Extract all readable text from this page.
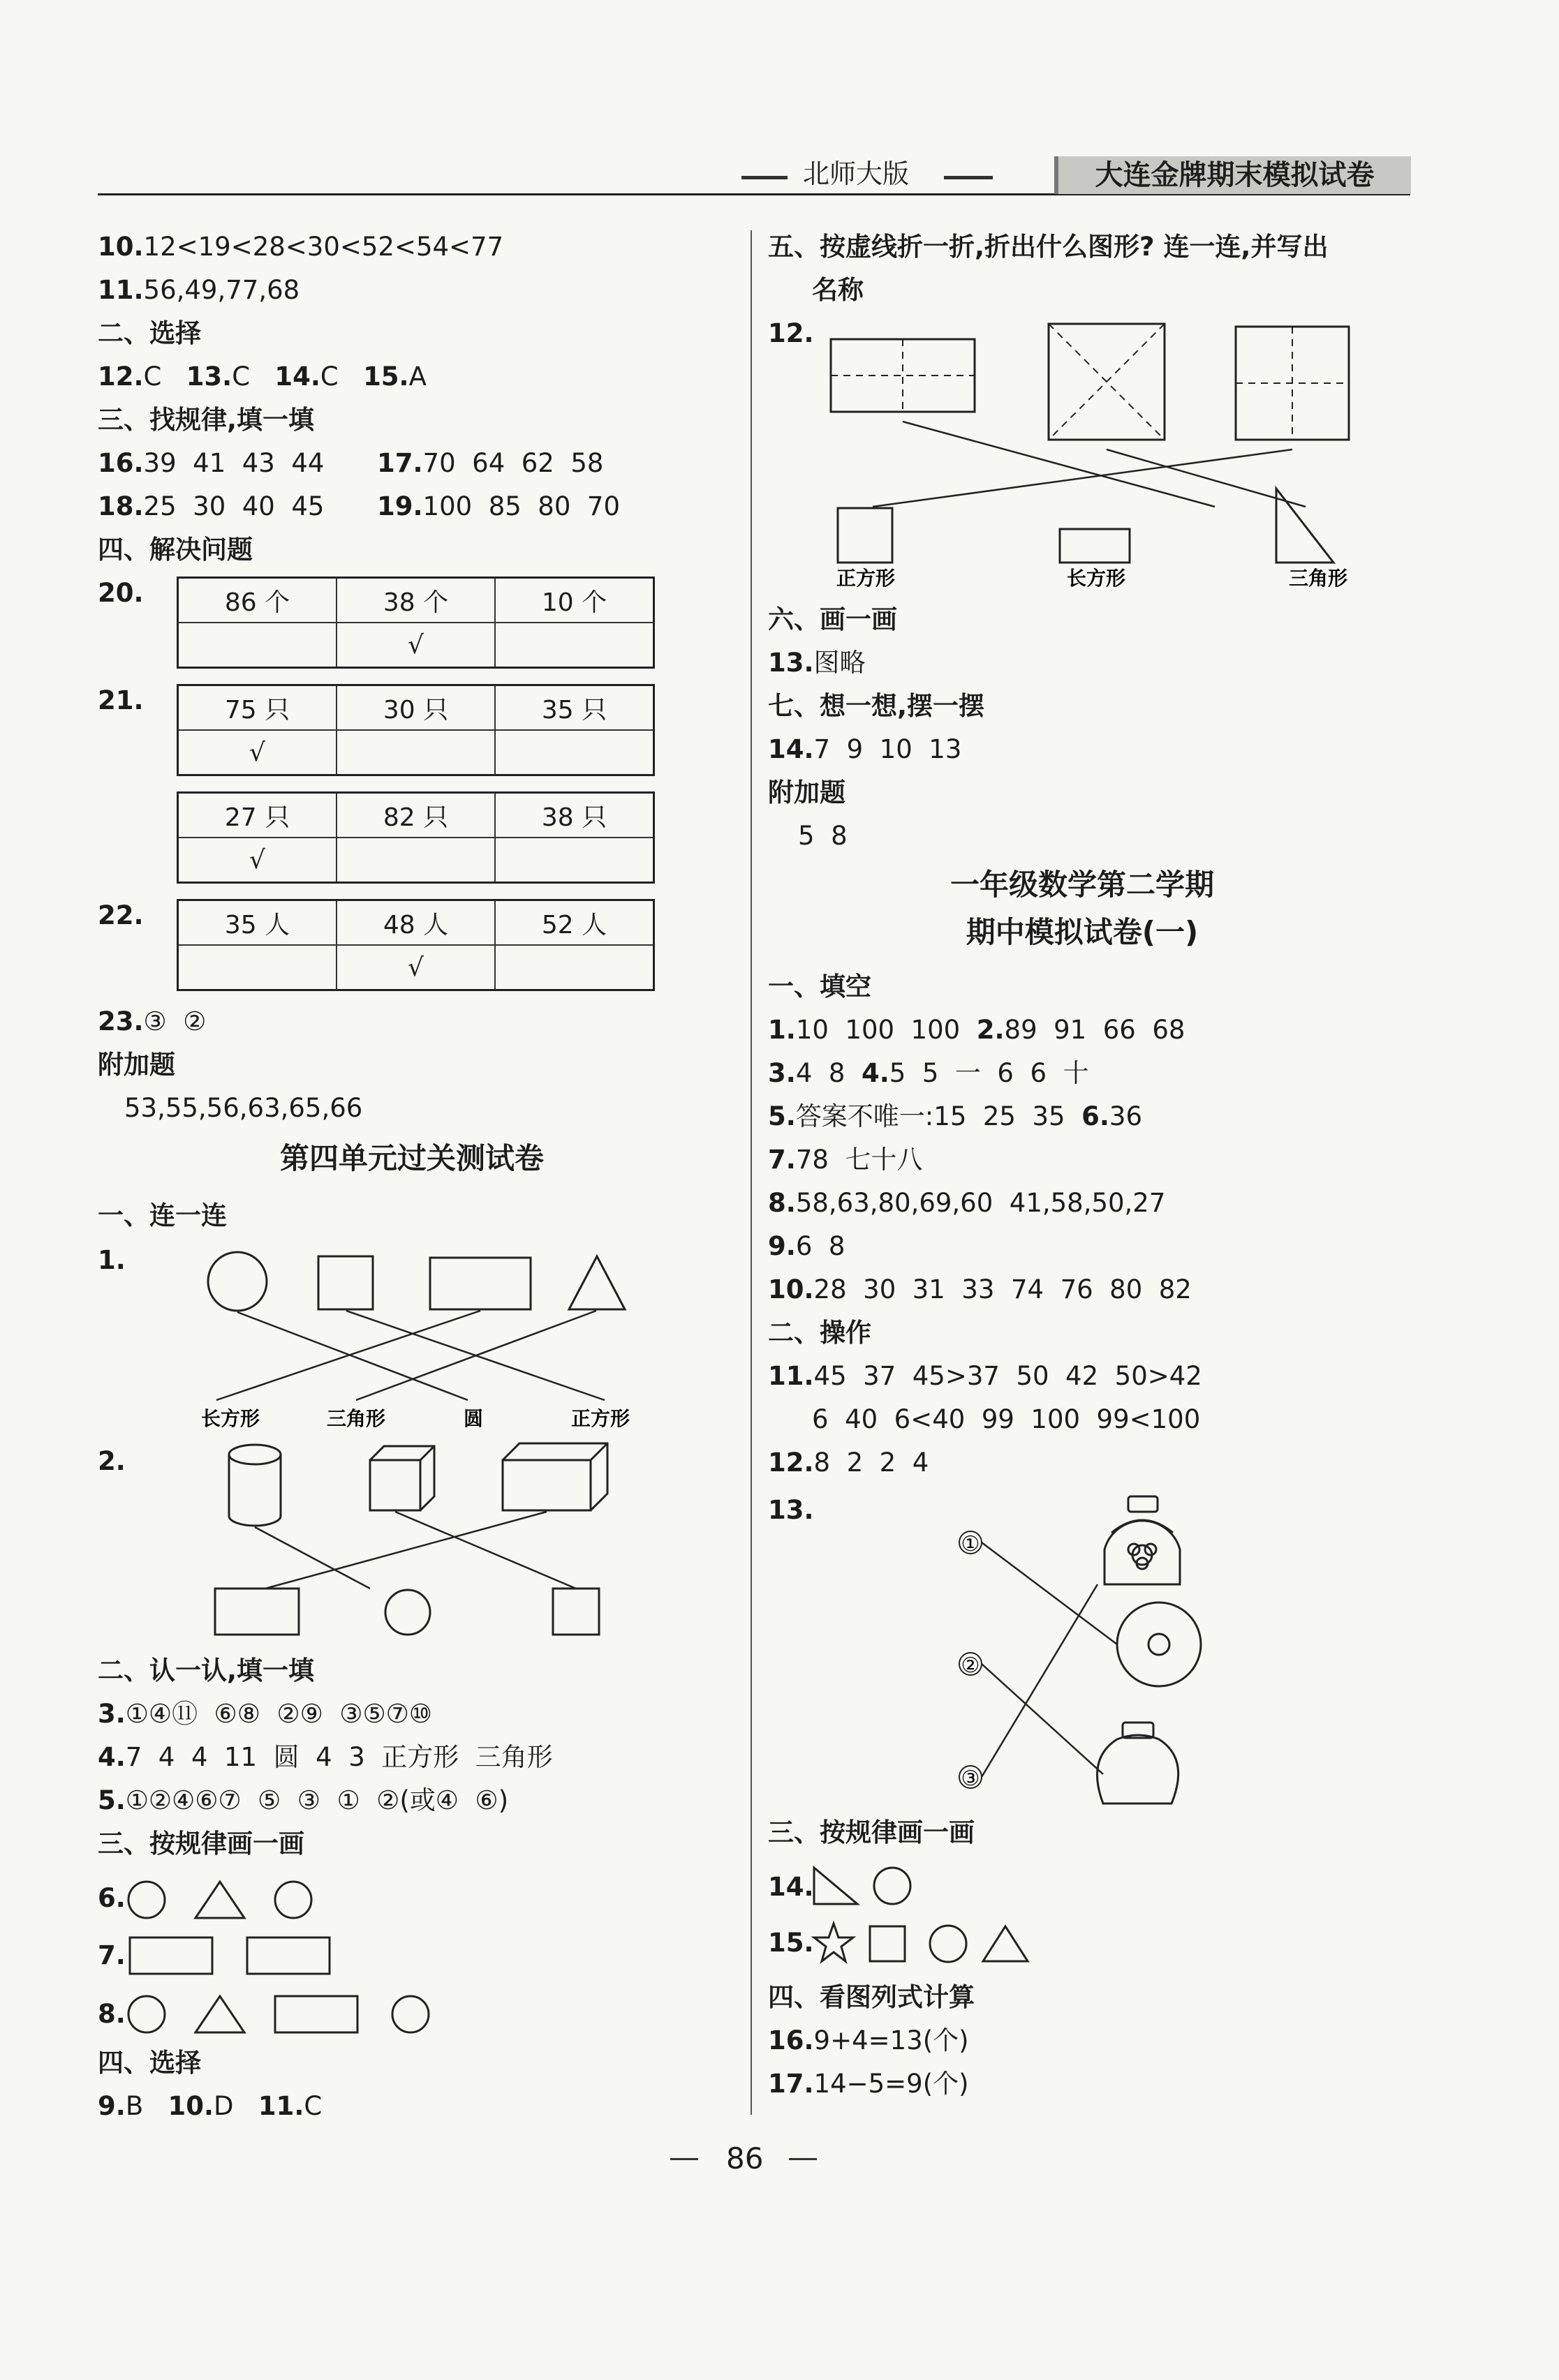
北师大版	大连金牌期末模拟试卷
10.12<19<28<30<52<54<77
11.56,49,77,68
二、选择
12.C 13.C 14.C 15.A
三、找规律,填一填
16.39  41  43  44 17.70  64  62  58
18.25  30  40  45 19.100  85  80  70
四、解决问题
20.	86 个	38 个	10 个
	√	
21.	75 只	30 只	35 只
√		
27 只	82 只	38 只
√		
22.	35 人	48 人	52 人
	√	
23.③  ②
附加题
53,55,56,63,65,66
第四单元过关测试卷
一、连一连
1.
长方形	三角形	圆	正方形
2.
二、认一认,填一填
3.①④⑪  ⑥⑧  ②⑨  ③⑤⑦⑩
4.7  4  4  11  圆  4  3  正方形  三角形
5.①②④⑥⑦  ⑤  ③  ①  ②(或④  ⑥)
三、按规律画一画
6.
7.
8.
四、选择
9.B 10.D 11.C
五、按虚线折一折,折出什么图形? 连一连,并写出
名称
12.
正方形	长方形	三角形
六、画一画
13.图略
七、想一想,摆一摆
14.7  9  10  13
附加题
5  8
一年级数学第二学期
期中模拟试卷(一)
一、填空
1.10  100  100 2.89  91  66  68
3.4  8 4.5  5  一  6  6  十
5.答案不唯一:15  25  35 6.36
7.78  七十八
8.58,63,80,69,60  41,58,50,27
9.6  8
10.28  30  31  33  74  76  80  82
二、操作
11.45  37  45>37  50  42  50>42
6  40  6<40  99  100  99<100
12.8  2  2  4
13.
①
②
③
三、按规律画一画
14.
15.
四、看图列式计算
16.9+4=13(个)
17.14−5=9(个)
86
